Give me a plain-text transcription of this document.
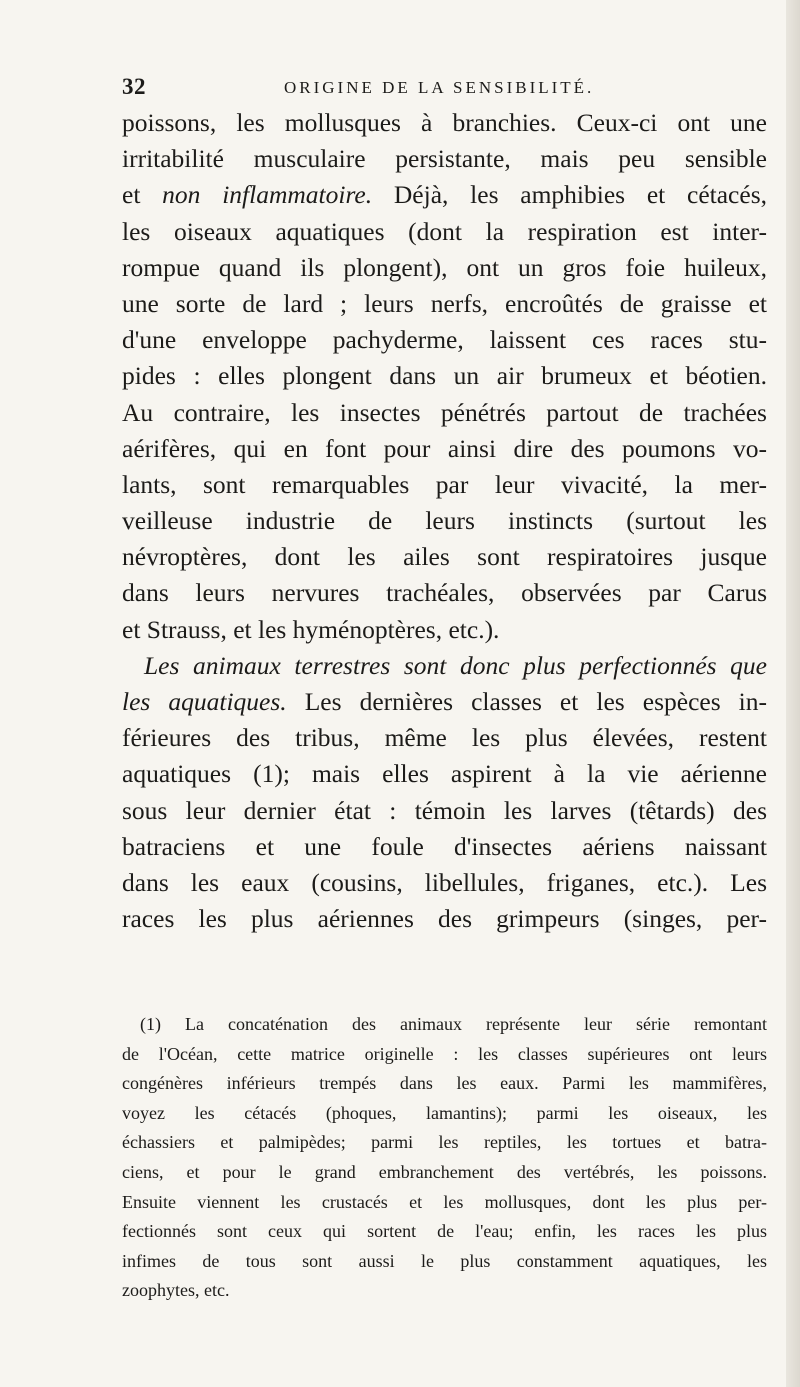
32	ORIGINE DE LA SENSIBILITÉ.
poissons, les mollusques à branchies. Ceux-ci ont une
irritabilité musculaire persistante, mais peu sensible
et non inflammatoire. Déjà, les amphibies et cétacés,
les oiseaux aquatiques (dont la respiration est inter-
rompue quand ils plongent), ont un gros foie huileux,
une sorte de lard ; leurs nerfs, encroûtés de graisse et
d'une enveloppe pachyderme, laissent ces races stu-
pides : elles plongent dans un air brumeux et béotien.
Au contraire, les insectes pénétrés partout de trachées
aérifères, qui en font pour ainsi dire des poumons vo-
lants, sont remarquables par leur vivacité, la mer-
veilleuse industrie de leurs instincts (surtout les
névroptères, dont les ailes sont respiratoires jusque
dans leurs nervures trachéales, observées par Carus
et Strauss, et les hyménoptères, etc.).
Les animaux terrestres sont donc plus perfectionnés que
les aquatiques. Les dernières classes et les espèces in-
férieures des tribus, même les plus élevées, restent
aquatiques (1); mais elles aspirent à la vie aérienne
sous leur dernier état : témoin les larves (têtards) des
batraciens et une foule d'insectes aériens naissant
dans les eaux (cousins, libellules, friganes, etc.). Les
races les plus aériennes des grimpeurs (singes, per-
(1) La concaténation des animaux représente leur série remontant
de l'Océan, cette matrice originelle : les classes supérieures ont leurs
congénères inférieurs trempés dans les eaux. Parmi les mammifères,
voyez les cétacés (phoques, lamantins); parmi les oiseaux, les
échassiers et palmipèdes; parmi les reptiles, les tortues et batra-
ciens, et pour le grand embranchement des vertébrés, les poissons.
Ensuite viennent les crustacés et les mollusques, dont les plus per-
fectionnés sont ceux qui sortent de l'eau; enfin, les races les plus
infimes de tous sont aussi le plus constamment aquatiques, les
zoophytes, etc.
